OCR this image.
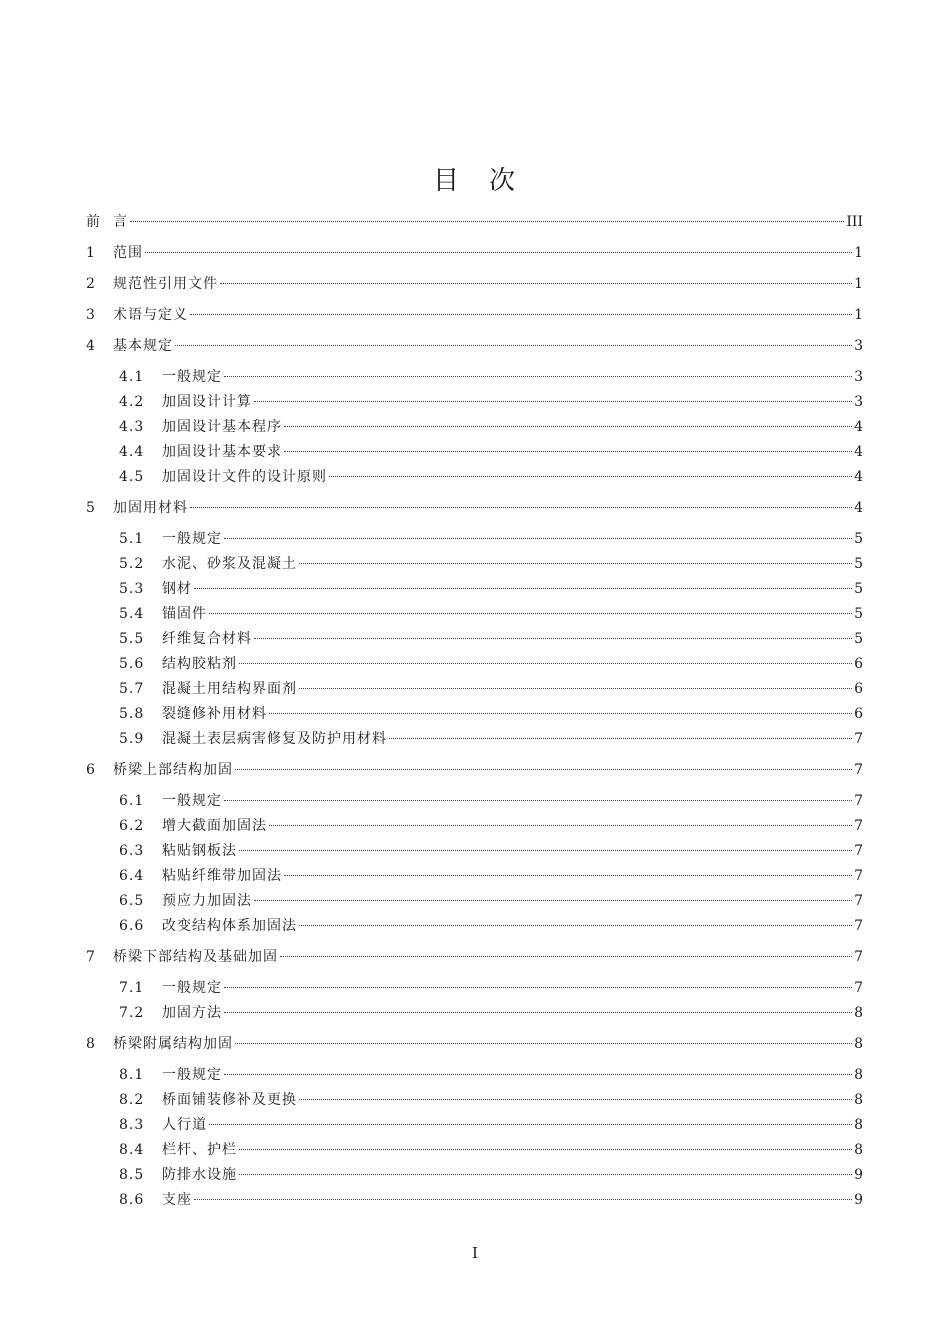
目　次
前 言	III
1	范围	1
2	规范性引用文件	1
3	术语与定义	1
4	基本规定	3
4.1	一般规定	3
4.2	加固设计计算	3
4.3	加固设计基本程序	4
4.4	加固设计基本要求	4
4.5	加固设计文件的设计原则	4
5	加固用材料	4
5.1	一般规定	5
5.2	水泥、砂浆及混凝土	5
5.3	钢材	5
5.4	锚固件	5
5.5	纤维复合材料	5
5.6	结构胶粘剂	6
5.7	混凝土用结构界面剂	6
5.8	裂缝修补用材料	6
5.9	混凝土表层病害修复及防护用材料	7
6	桥梁上部结构加固	7
6.1	一般规定	7
6.2	增大截面加固法	7
6.3	粘贴钢板法	7
6.4	粘贴纤维带加固法	7
6.5	预应力加固法	7
6.6	改变结构体系加固法	7
7	桥梁下部结构及基础加固	7
7.1	一般规定	7
7.2	加固方法	8
8	桥梁附属结构加固	8
8.1	一般规定	8
8.2	桥面铺装修补及更换	8
8.3	人行道	8
8.4	栏杆、护栏	8
8.5	防排水设施	9
8.6	支座	9
I
